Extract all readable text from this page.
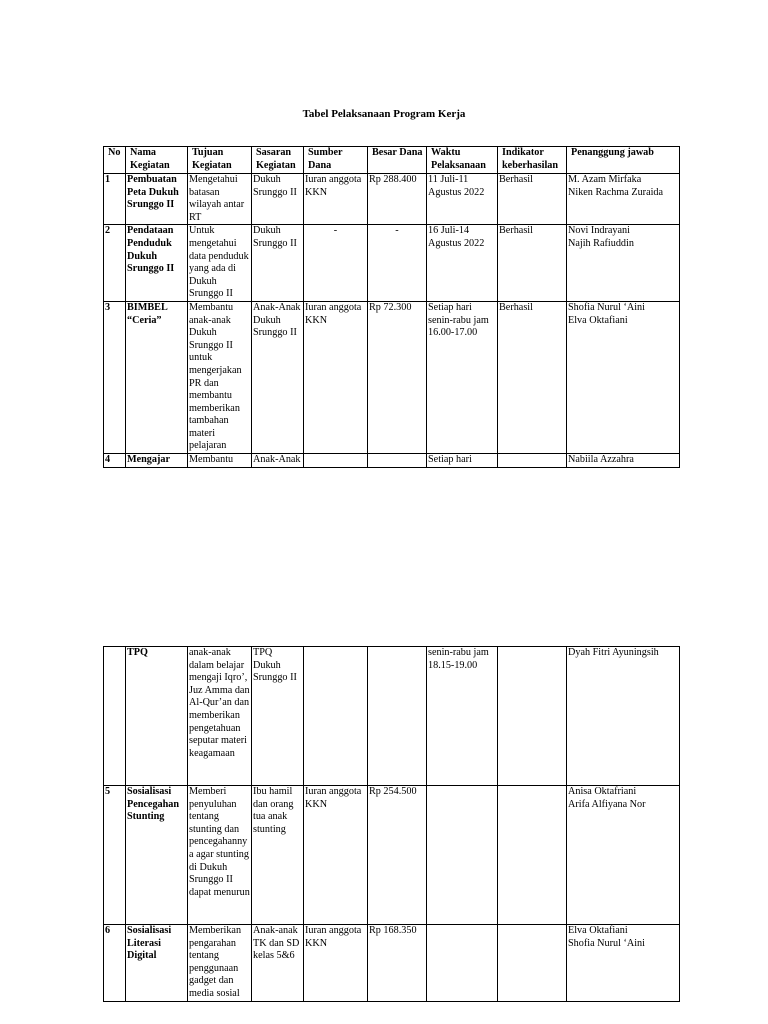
Tabel Pelaksanaan Program Kerja
No	Nama Kegiatan	Tujuan Kegiatan	Sasaran Kegiatan	Sumber Dana	Besar Dana	Waktu Pelaksanaan	Indikator keberhasilan	Penanggung jawab
1	Pembuatan Peta Dukuh Srunggo II	Mengetahui batasan wilayah antar RT	Dukuh Srunggo II	Iuran anggota KKN	Rp 288.400	11 Juli-11 Agustus 2022	Berhasil	M. Azam Mirfaka
Niken Rachma Zuraida

2	Pendataan Penduduk Dukuh Srunggo II	Untuk mengetahui data penduduk yang ada di Dukuh Srunggo II	Dukuh Srunggo II	-	-	16 Juli-14 Agustus 2022	Berhasil	Novi Indrayani
Najih Rafiuddin

3	BIMBEL “Ceria”	Membantu anak-anak Dukuh Srunggo II untuk mengerjakan PR dan membantu memberikan tambahan materi pelajaran	Anak-Anak Dukuh Srunggo II	Iuran anggota KKN	Rp 72.300	Setiap hari senin-rabu jam 16.00-17.00	Berhasil	Shofia Nurul ‘Aini
Elva Oktafiani

4	Mengajar	Membantu	Anak-Anak			Setiap hari		Nabiila Azzahra
	TPQ	anak-anak dalam belajar mengaji Iqro’, Juz Amma dan Al-Qur’an dan memberikan pengetahuan seputar materi keagamaan	TPQ Dukuh Srunggo II			senin-rabu jam 18.15-19.00		Dyah Fitri Ayuningsih

5	Sosialisasi Pencegahan Stunting	Memberi penyuluhan tentang stunting dan pencegahannya agar stunting di Dukuh Srunggo II dapat menurun	Ibu hamil dan orang tua anak stunting	Iuran anggota KKN	Rp 254.500			Anisa Oktafriani
Arifa Alfiyana Nor

6	Sosialisasi Literasi Digital	Memberikan pengarahan tentang penggunaan gadget dan media sosial	Anak-anak TK dan SD kelas 5&6	Iuran anggota KKN	Rp 168.350			Elva Oktafiani
Shofia Nurul ‘Aini
